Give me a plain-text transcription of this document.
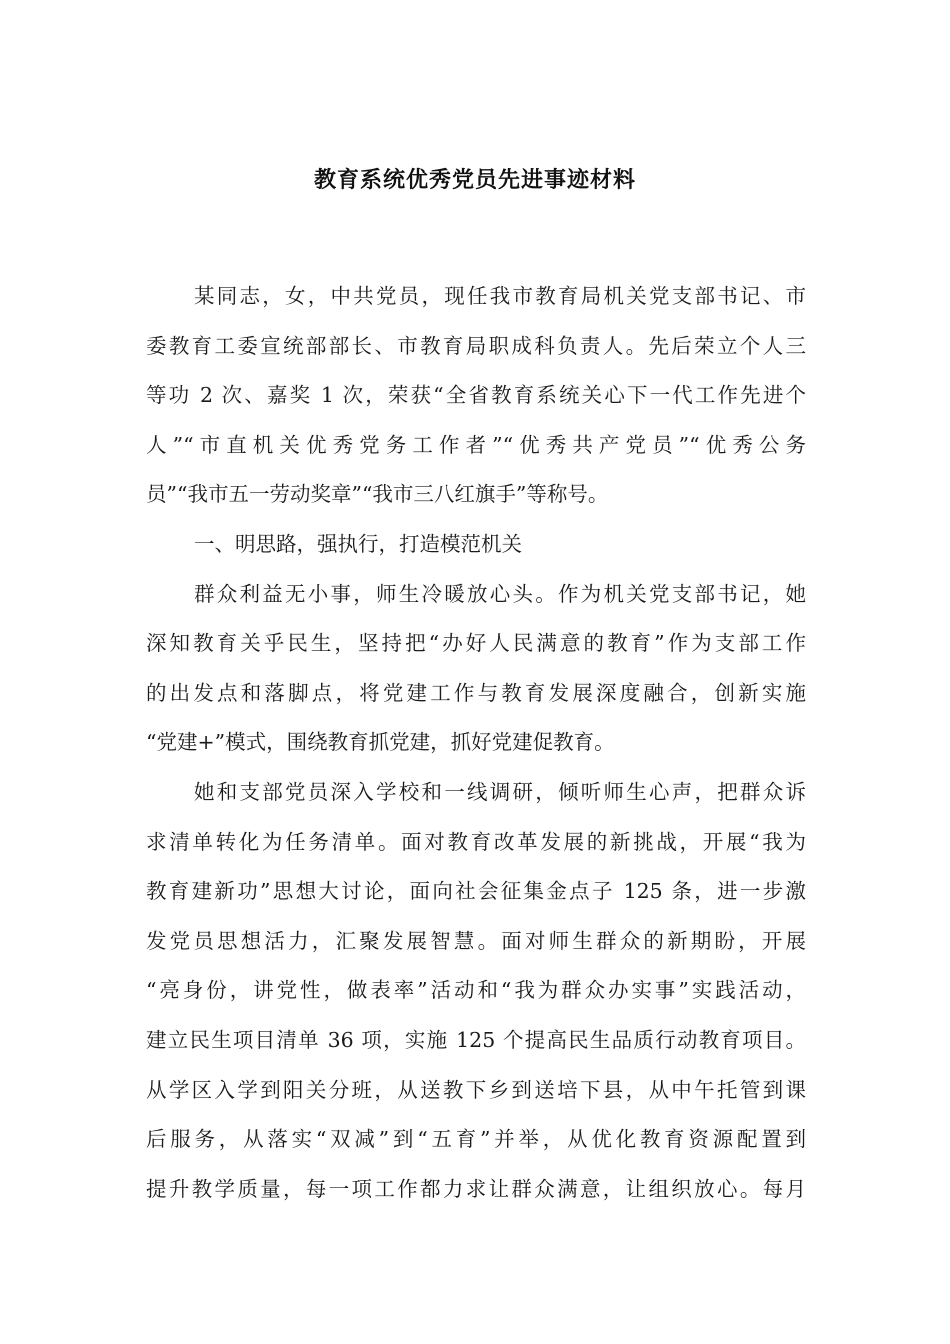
教育系统优秀党员先进事迹材料
某同志，女，中共党员，现任我市教育局机关党支部书记、市
委教育工委宣统部部长、市教育局职成科负责人。先后荣立个人三
等功 2 次、嘉奖 1 次，荣获“全省教育系统关心下一代工作先进个
人”“市直机关优秀党务工作者”“优秀共产党员”“优秀公务
员”“我市五一劳动奖章”“我市三八红旗手”等称号。
一、明思路，强执行，打造模范机关
群众利益无小事，师生冷暖放心头。作为机关党支部书记，她
深知教育关乎民生，坚持把“办好人民满意的教育”作为支部工作
的出发点和落脚点，将党建工作与教育发展深度融合，创新实施
“党建+”模式，围绕教育抓党建，抓好党建促教育。
她和支部党员深入学校和一线调研，倾听师生心声，把群众诉
求清单转化为任务清单。面对教育改革发展的新挑战，开展“我为
教育建新功”思想大讨论，面向社会征集金点子 125 条，进一步激
发党员思想活力，汇聚发展智慧。面对师生群众的新期盼，开展
“亮身份，讲党性，做表率”活动和“我为群众办实事”实践活动，
建立民生项目清单 36 项，实施 125 个提高民生品质行动教育项目。
从学区入学到阳关分班，从送教下乡到送培下县，从中午托管到课
后服务，从落实“双减”到“五育”并举，从优化教育资源配置到
提升教学质量，每一项工作都力求让群众满意，让组织放心。每月
